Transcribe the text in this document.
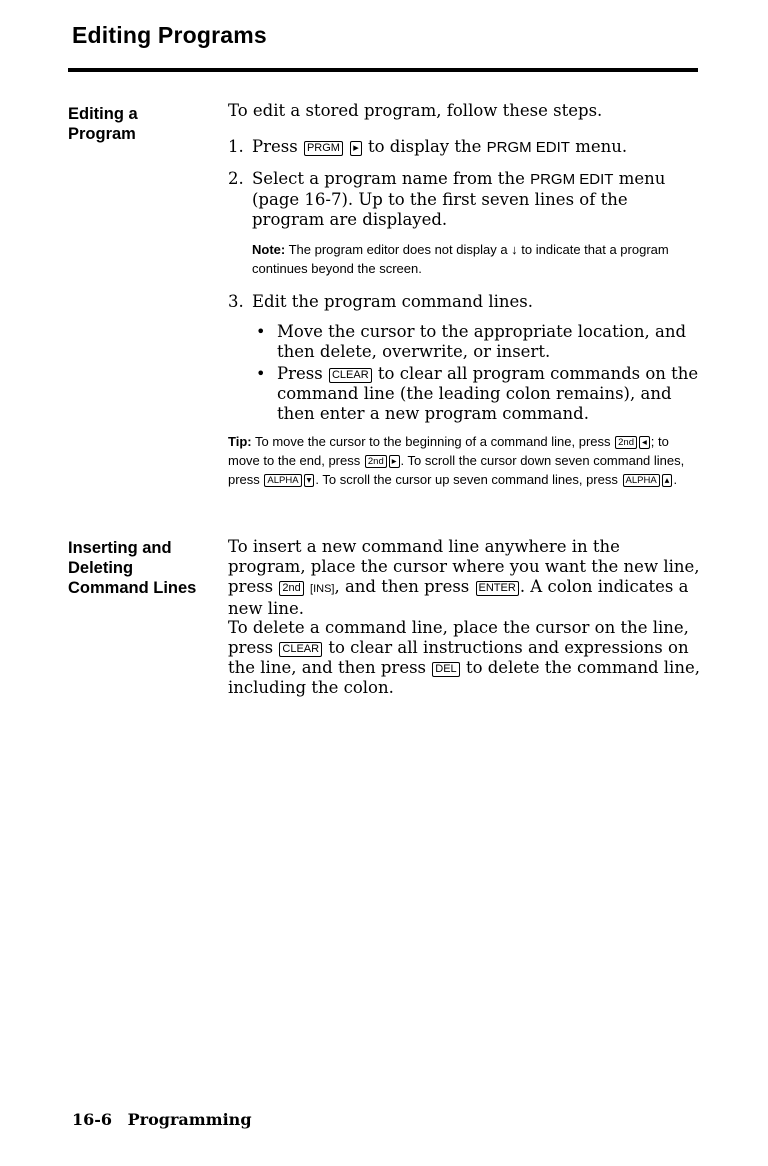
Editing Programs
Editing a
Program
To edit a stored program, follow these steps.
1. Press PRGM ▸ to display the PRGM EDIT menu.
2. Select a program name from the PRGM EDIT menu (page 16-7). Up to the first seven lines of the program are displayed.
Note: The program editor does not display a ↓ to indicate that a program continues beyond the screen.
3. Edit the program command lines.
• Move the cursor to the appropriate location, and then delete, overwrite, or insert.
• Press CLEAR to clear all program commands on the command line (the leading colon remains), and then enter a new program command.
Tip: To move the cursor to the beginning of a command line, press 2nd ◂ ; to move to the end, press 2nd ▸ . To scroll the cursor down seven command lines, press ALPHA ▾ . To scroll the cursor up seven command lines, press ALPHA ▴ .
Inserting and
Deleting
Command Lines
To insert a new command line anywhere in the program, place the cursor where you want the new line, press 2nd [INS], and then press ENTER . A colon indicates a new line.
To delete a command line, place the cursor on the line, press CLEAR to clear all instructions and expressions on the line, and then press DEL to delete the command line, including the colon.
16-6 Programming
